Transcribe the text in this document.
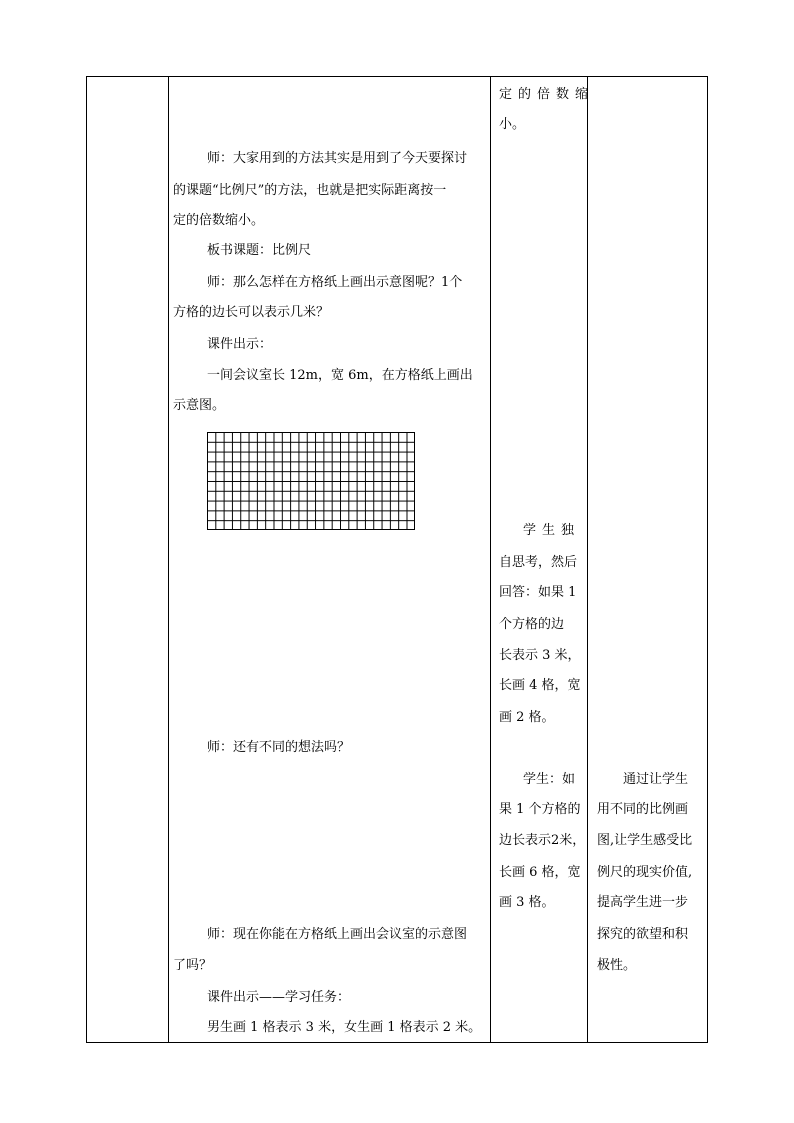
师：大家用到的方法其实是用到了今天要探讨
的课题“比例尺”的方法，也就是把实际距离按一
定的倍数缩小。
板书课题：比例尺
师：那么怎样在方格纸上画出示意图呢？1个
方格的边长可以表示几米？
课件出示：
一间会议室长 12m，宽 6m，在方格纸上画出
示意图。
师：还有不同的想法吗？
师：现在你能在方格纸上画出会议室的示意图
了吗？
课件出示——学习任务：
男生画 1 格表示 3 米，女生画 1 格表示 2 米。
定的倍数缩
小。
学生独
自思考，然后
回答：如果 1
个方格的边
长表示 3 米，
长画 4 格，宽
画 2 格。
学生：如
果 1 个方格的
边长表示2米，
长画 6 格，宽
画 3 格。
通过让学生
用不同的比例画
图,让学生感受比
例尺的现实价值,
提高学生进一步
探究的欲望和积
极性。
